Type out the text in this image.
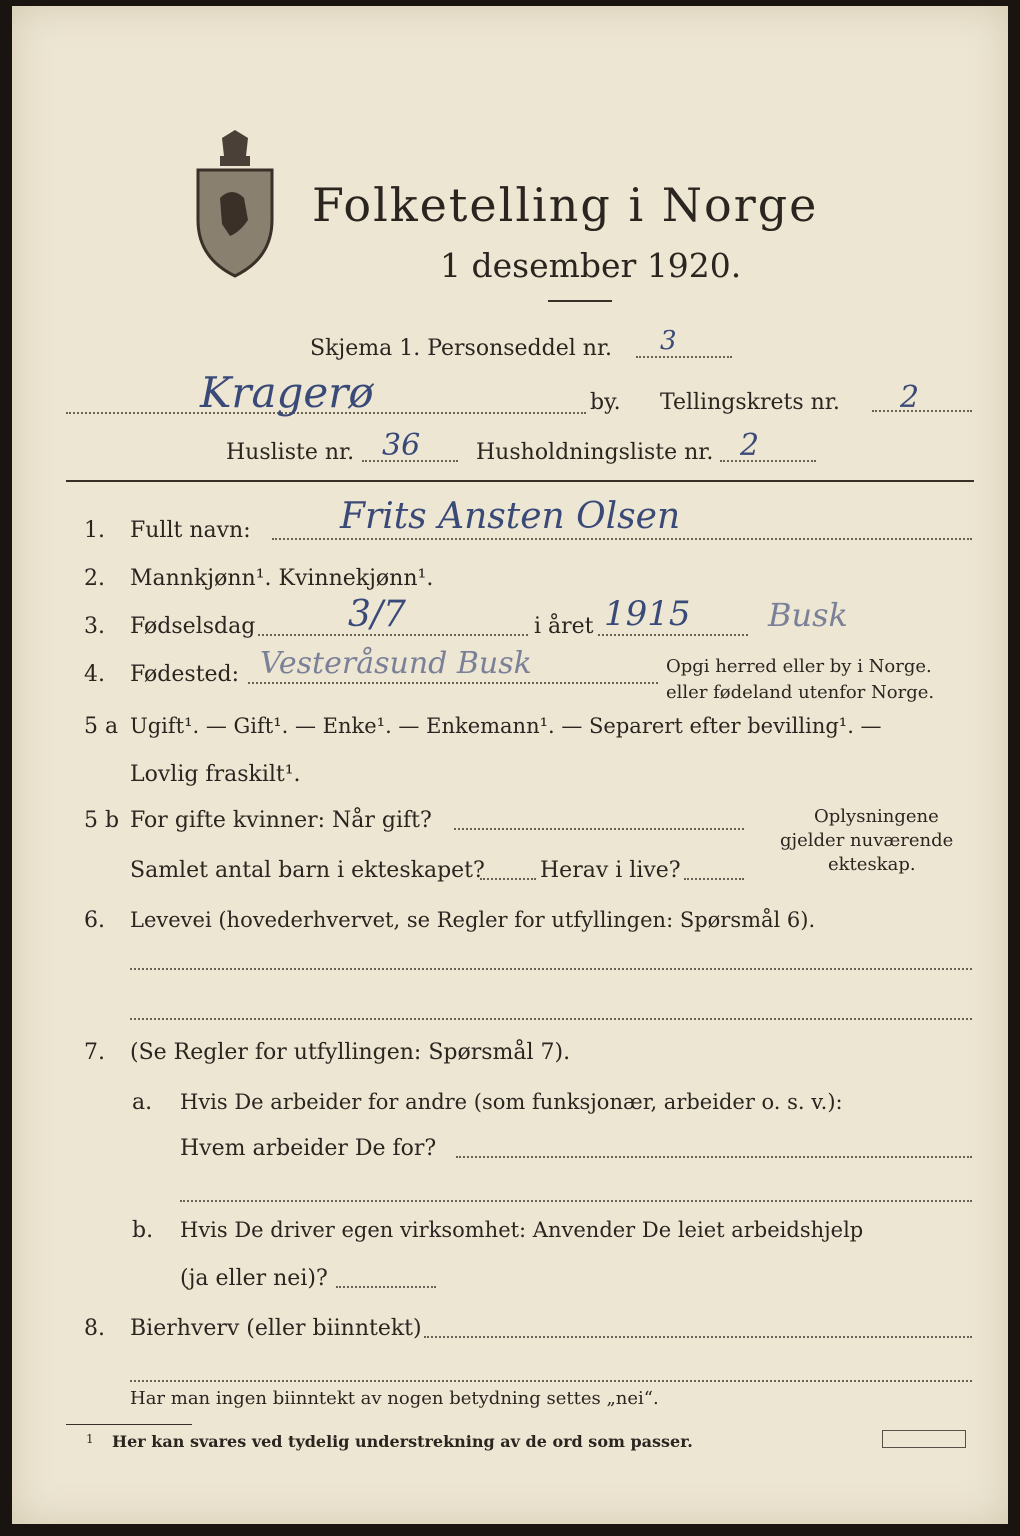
Folketelling i Norge
1 desember 1920.
Skjema 1. Personseddel nr. 3
Kragerø	by. Tellingskrets nr. 2
Husliste nr. 36	Husholdningsliste nr. 2
1. Fullt navn: Frits Ansten Olsen
2. Mannkjønn¹. Kvinnekjønn¹.
3. Fødselsdag	3/7	i året 1915 Busk
4. Fødested: Vesteråsund Busk	Opgi herred eller by i Norge.
eller fødeland utenfor Norge.
5 a Ugift¹. — Gift¹. — Enke¹. — Enkemann¹. — Separert efter bevilling¹. —
Lovlig fraskilt¹.
5 b For gifte kvinner: Når gift?
Samlet antal barn i ekteskapet?	Herav i live?
Oplysningene
gjelder nuværende
ekteskap.
6. Levevei (hovederhvervet, se Regler for utfyllingen: Spørsmål 6).
7. (Se Regler for utfyllingen: Spørsmål 7).
a. Hvis De arbeider for andre (som funksjonær, arbeider o. s. v.):
Hvem arbeider De for?
b. Hvis De driver egen virksomhet: Anvender De leiet arbeidshjelp
(ja eller nei)?
8. Bierhverv (eller biinntekt)
Har man ingen biinntekt av nogen betydning settes „nei“.
1 Her kan svares ved tydelig understrekning av de ord som passer.
